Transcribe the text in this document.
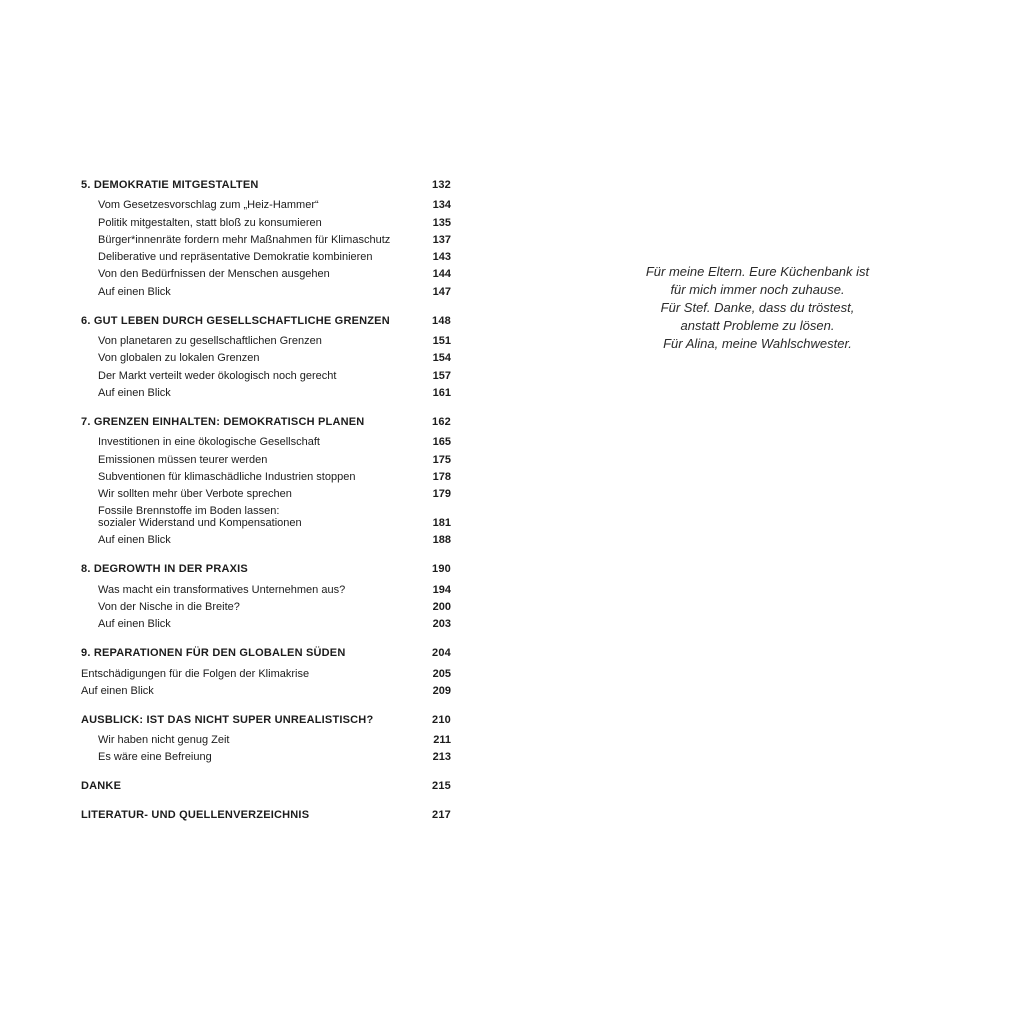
5. DEMOKRATIE MITGESTALTEN	132
Vom Gesetzesvorschlag zum „Heiz-Hammer“	134
Politik mitgestalten, statt bloß zu konsumieren	135
Bürger*innenräte fordern mehr Maßnahmen für Klimaschutz	137
Deliberative und repräsentative Demokratie kombinieren	143
Von den Bedürfnissen der Menschen ausgehen	144
Auf einen Blick	147
6. GUT LEBEN DURCH GESELLSCHAFTLICHE GRENZEN	148
Von planetaren zu gesellschaftlichen Grenzen	151
Von globalen zu lokalen Grenzen	154
Der Markt verteilt weder ökologisch noch gerecht	157
Auf einen Blick	161
7. GRENZEN EINHALTEN: DEMOKRATISCH PLANEN	162
Investitionen in eine ökologische Gesellschaft	165
Emissionen müssen teurer werden	175
Subventionen für klimaschädliche Industrien stoppen	178
Wir sollten mehr über Verbote sprechen	179
Fossile Brennstoffe im Boden lassen:
sozialer Widerstand und Kompensationen	181
Auf einen Blick	188
8. DEGROWTH IN DER PRAXIS	190
Was macht ein transformatives Unternehmen aus?	194
Von der Nische in die Breite?	200
Auf einen Blick	203
9. REPARATIONEN FÜR DEN GLOBALEN SÜDEN	204
Entschädigungen für die Folgen der Klimakrise	205
Auf einen Blick	209
AUSBLICK: IST DAS NICHT SUPER UNREALISTISCH?	210
Wir haben nicht genug Zeit	211
Es wäre eine Befreiung	213
DANKE	215
LITERATUR- UND QUELLENVERZEICHNIS	217
Für meine Eltern. Eure Küchenbank ist
für mich immer noch zuhause.
Für Stef. Danke, dass du tröstest,
anstatt Probleme zu lösen.
Für Alina, meine Wahlschwester.
